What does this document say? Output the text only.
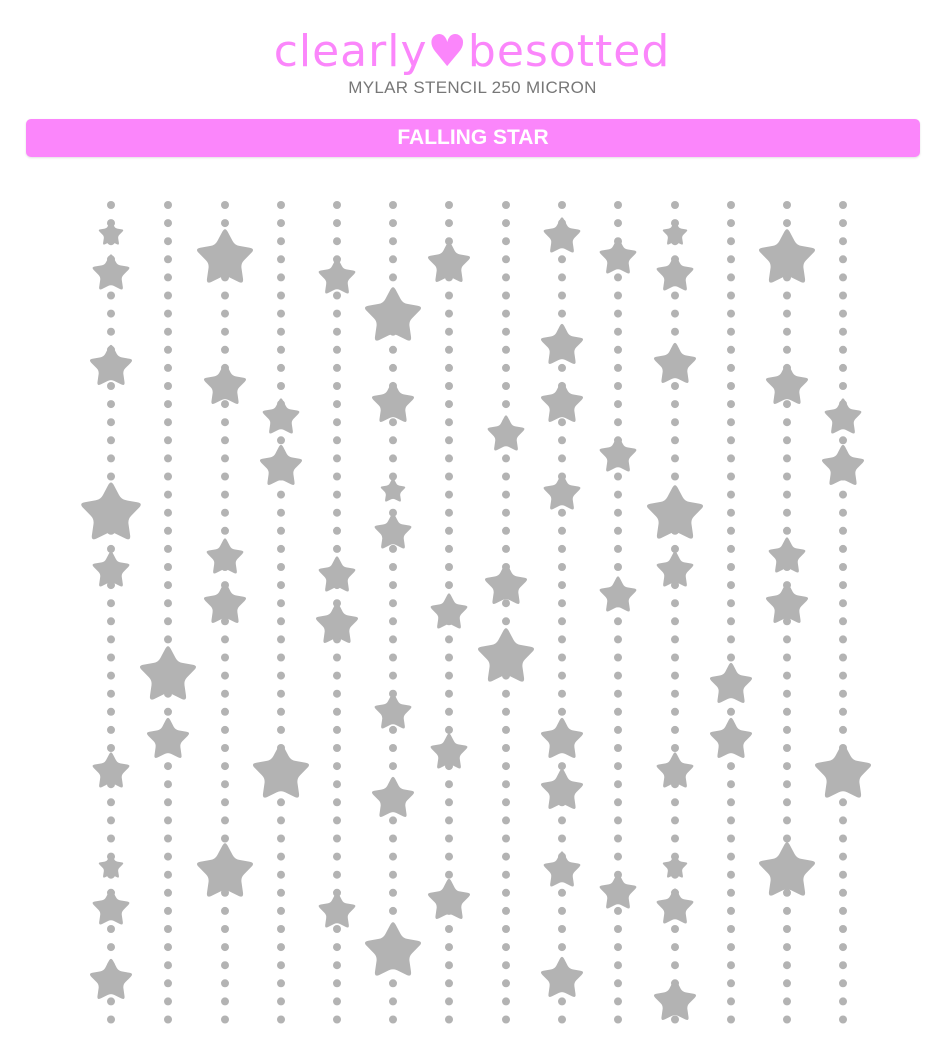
clearly♥besotted
MYLAR STENCIL 250 MICRON
FALLING STAR
